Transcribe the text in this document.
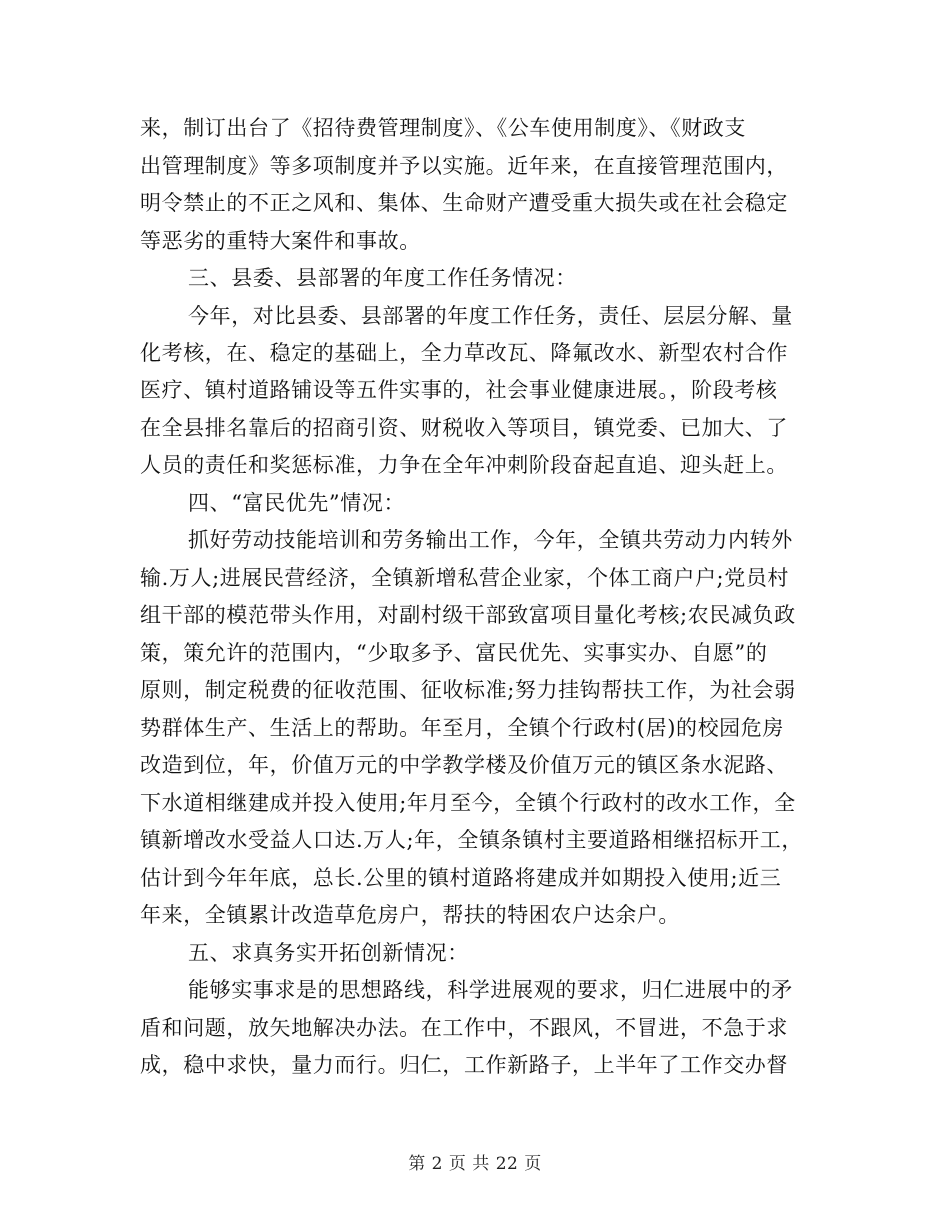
来，制订出台了《招待费管理制度》、《公车使用制度》、《财政支
出管理制度》等多项制度并予以实施。近年来，在直接管理范围内，
明令禁止的不正之风和、集体、生命财产遭受重大损失或在社会稳定
等恶劣的重特大案件和事故。
三、县委、县部署的年度工作任务情况：
今年，对比县委、县部署的年度工作任务，责任、层层分解、量
化考核，在、稳定的基础上，全力草改瓦、降氟改水、新型农村合作
医疗、镇村道路铺设等五件实事的，社会事业健康进展。，阶段考核
在全县排名靠后的招商引资、财税收入等项目，镇党委、已加大、了
人员的责任和奖惩标准，力争在全年冲刺阶段奋起直追、迎头赶上。
四、“富民优先”情况：
抓好劳动技能培训和劳务输出工作，今年，全镇共劳动力内转外
输.万人;进展民营经济，全镇新增私营企业家，个体工商户户;党员村
组干部的模范带头作用，对副村级干部致富项目量化考核;农民减负政
策，策允许的范围内，“少取多予、富民优先、实事实办、自愿”的
原则，制定税费的征收范围、征收标准;努力挂钩帮扶工作，为社会弱
势群体生产、生活上的帮助。年至月，全镇个行政村(居)的校园危房
改造到位，年，价值万元的中学教学楼及价值万元的镇区条水泥路、
下水道相继建成并投入使用;年月至今，全镇个行政村的改水工作，全
镇新增改水受益人口达.万人;年，全镇条镇村主要道路相继招标开工，
估计到今年年底，总长.公里的镇村道路将建成并如期投入使用;近三
年来，全镇累计改造草危房户，帮扶的特困农户达余户。
五、求真务实开拓创新情况：
能够实事求是的思想路线，科学进展观的要求，归仁进展中的矛
盾和问题，放矢地解决办法。在工作中，不跟风，不冒进，不急于求
成，稳中求快，量力而行。归仁，工作新路子，上半年了工作交办督
第 2 页 共 22 页
